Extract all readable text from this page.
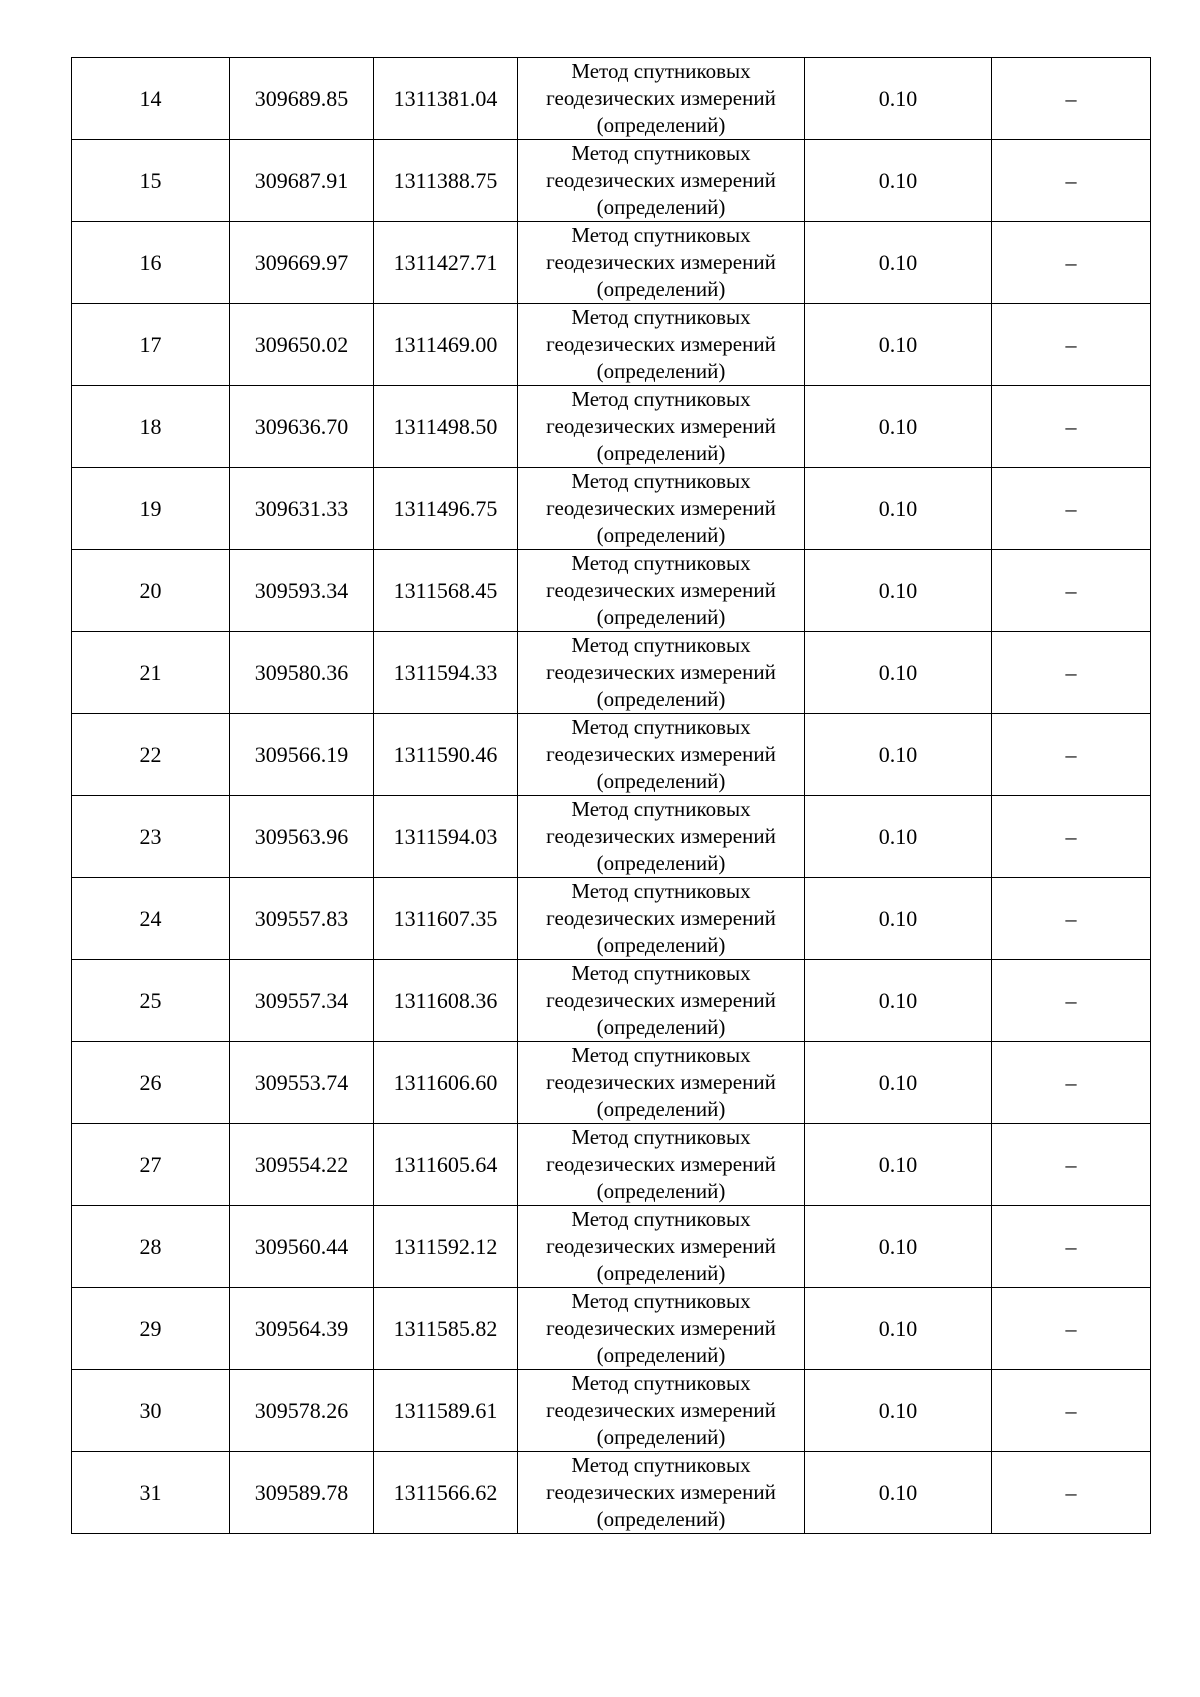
14	309689.85	1311381.04	Метод спутниковых
геодезических измерений
(определений)	0.10	–
15	309687.91	1311388.75	Метод спутниковых
геодезических измерений
(определений)	0.10	–
16	309669.97	1311427.71	Метод спутниковых
геодезических измерений
(определений)	0.10	–
17	309650.02	1311469.00	Метод спутниковых
геодезических измерений
(определений)	0.10	–
18	309636.70	1311498.50	Метод спутниковых
геодезических измерений
(определений)	0.10	–
19	309631.33	1311496.75	Метод спутниковых
геодезических измерений
(определений)	0.10	–
20	309593.34	1311568.45	Метод спутниковых
геодезических измерений
(определений)	0.10	–
21	309580.36	1311594.33	Метод спутниковых
геодезических измерений
(определений)	0.10	–
22	309566.19	1311590.46	Метод спутниковых
геодезических измерений
(определений)	0.10	–
23	309563.96	1311594.03	Метод спутниковых
геодезических измерений
(определений)	0.10	–
24	309557.83	1311607.35	Метод спутниковых
геодезических измерений
(определений)	0.10	–
25	309557.34	1311608.36	Метод спутниковых
геодезических измерений
(определений)	0.10	–
26	309553.74	1311606.60	Метод спутниковых
геодезических измерений
(определений)	0.10	–
27	309554.22	1311605.64	Метод спутниковых
геодезических измерений
(определений)	0.10	–
28	309560.44	1311592.12	Метод спутниковых
геодезических измерений
(определений)	0.10	–
29	309564.39	1311585.82	Метод спутниковых
геодезических измерений
(определений)	0.10	–
30	309578.26	1311589.61	Метод спутниковых
геодезических измерений
(определений)	0.10	–
31	309589.78	1311566.62	Метод спутниковых
геодезических измерений
(определений)	0.10	–
